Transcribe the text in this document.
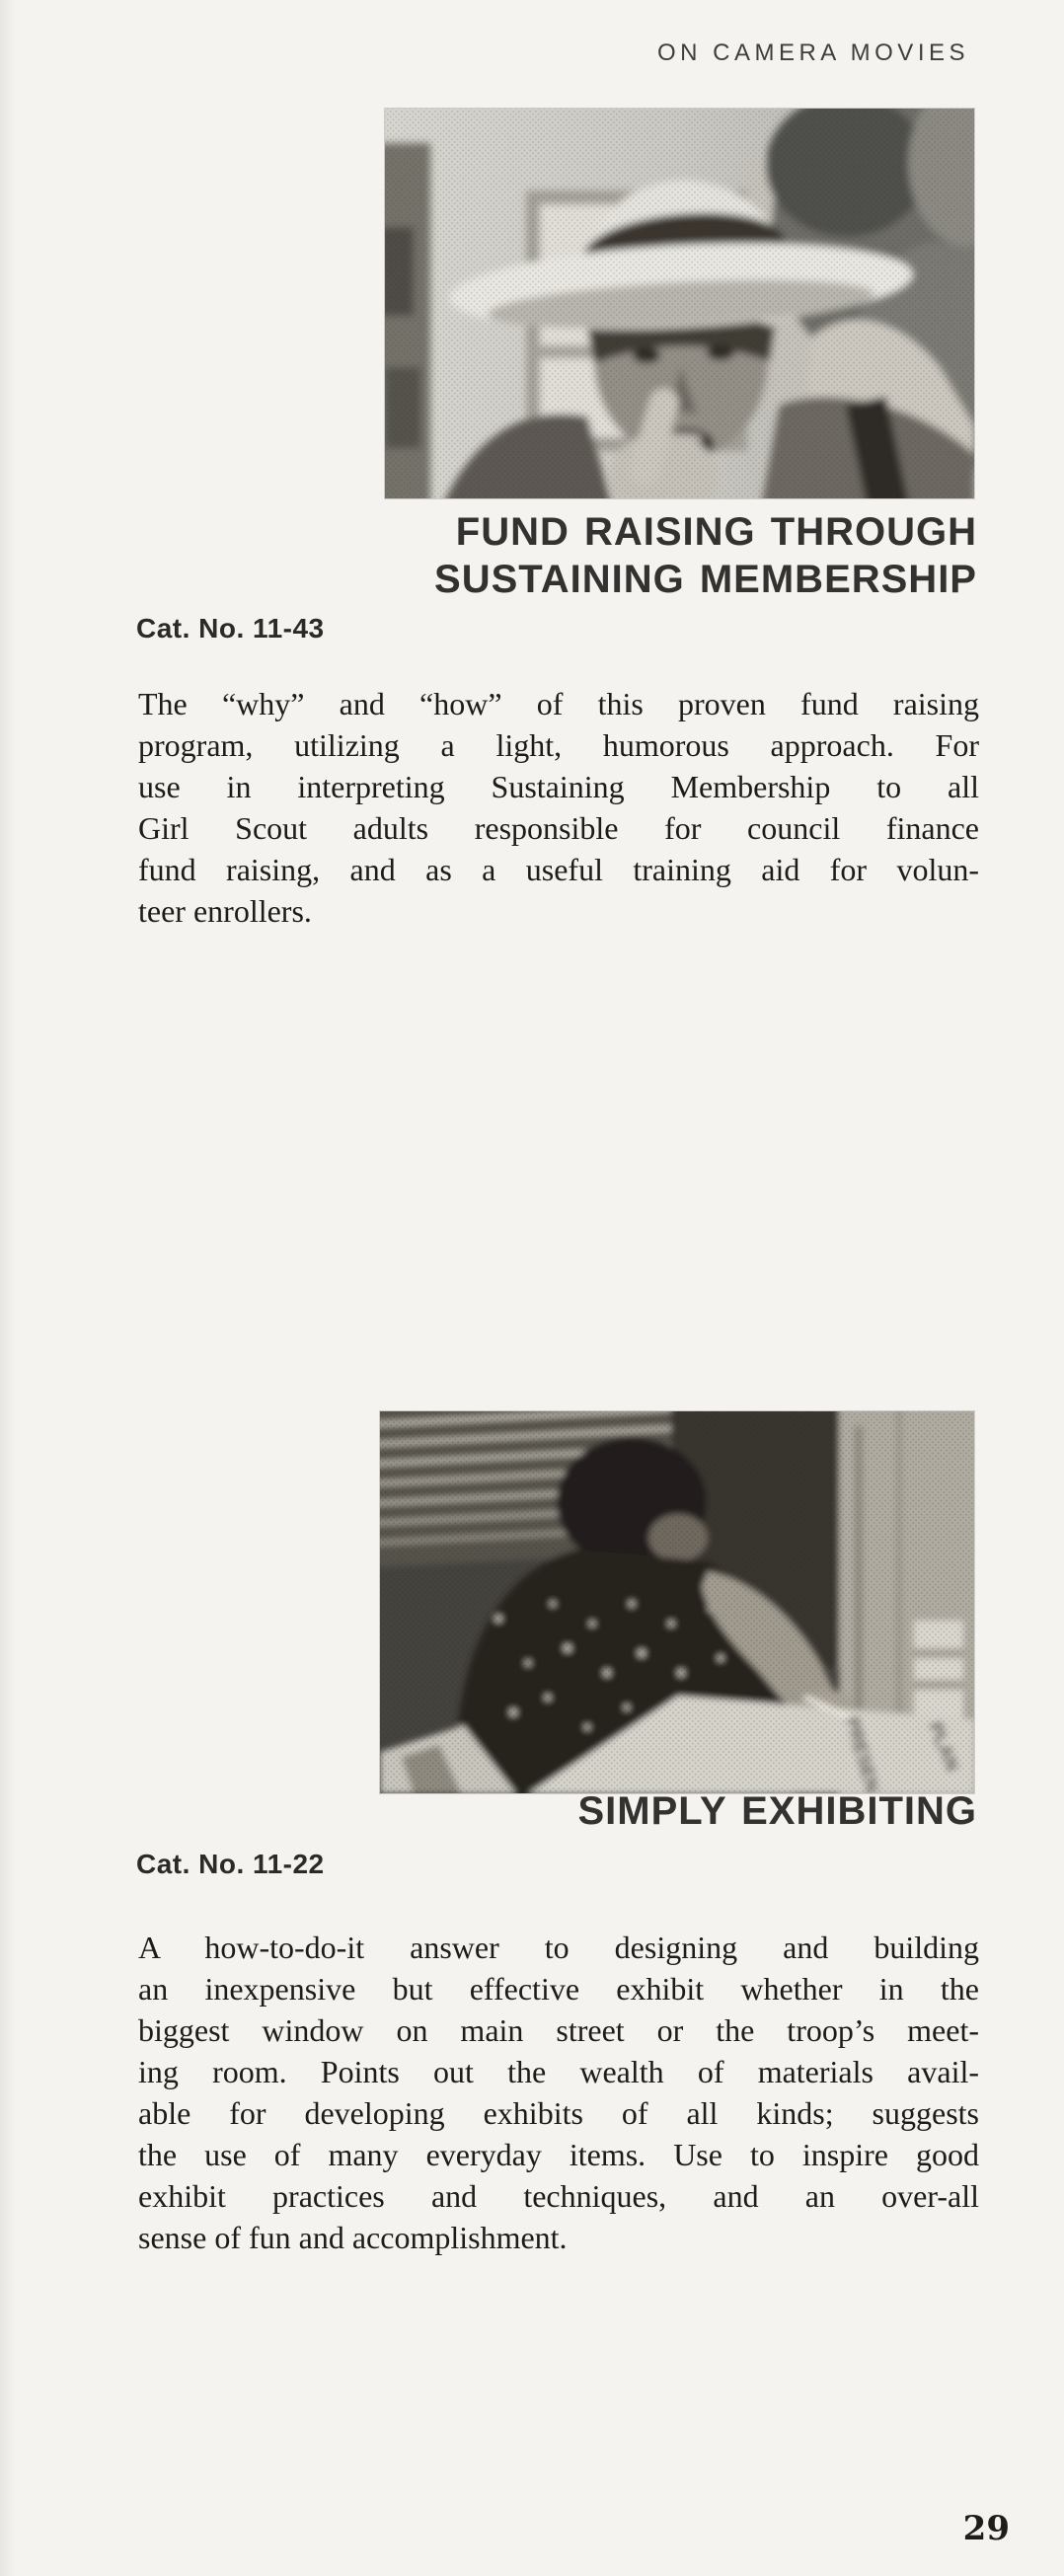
ON CAMERA MOVIES
FUND RAISING THROUGH
SUSTAINING MEMBERSHIP
Cat. No. 11-43
The “why” and “how” of this proven fund raising
program, utilizing a light, humorous approach. For
use in interpreting Sustaining Membership to all
Girl Scout adults responsible for council finance
fund raising, and as a useful training aid for volun-
teer enrollers.
SIMPLY EXHIBITING
Cat. No. 11-22
A how-to-do-it answer to designing and building
an inexpensive but effective exhibit whether in the
biggest window on main street or the troop’s meet-
ing room. Points out the wealth of materials avail-
able for developing exhibits of all kinds; suggests
the use of many everyday items. Use to inspire good
exhibit practices and techniques, and an over-all
sense of fun and accomplishment.
29
